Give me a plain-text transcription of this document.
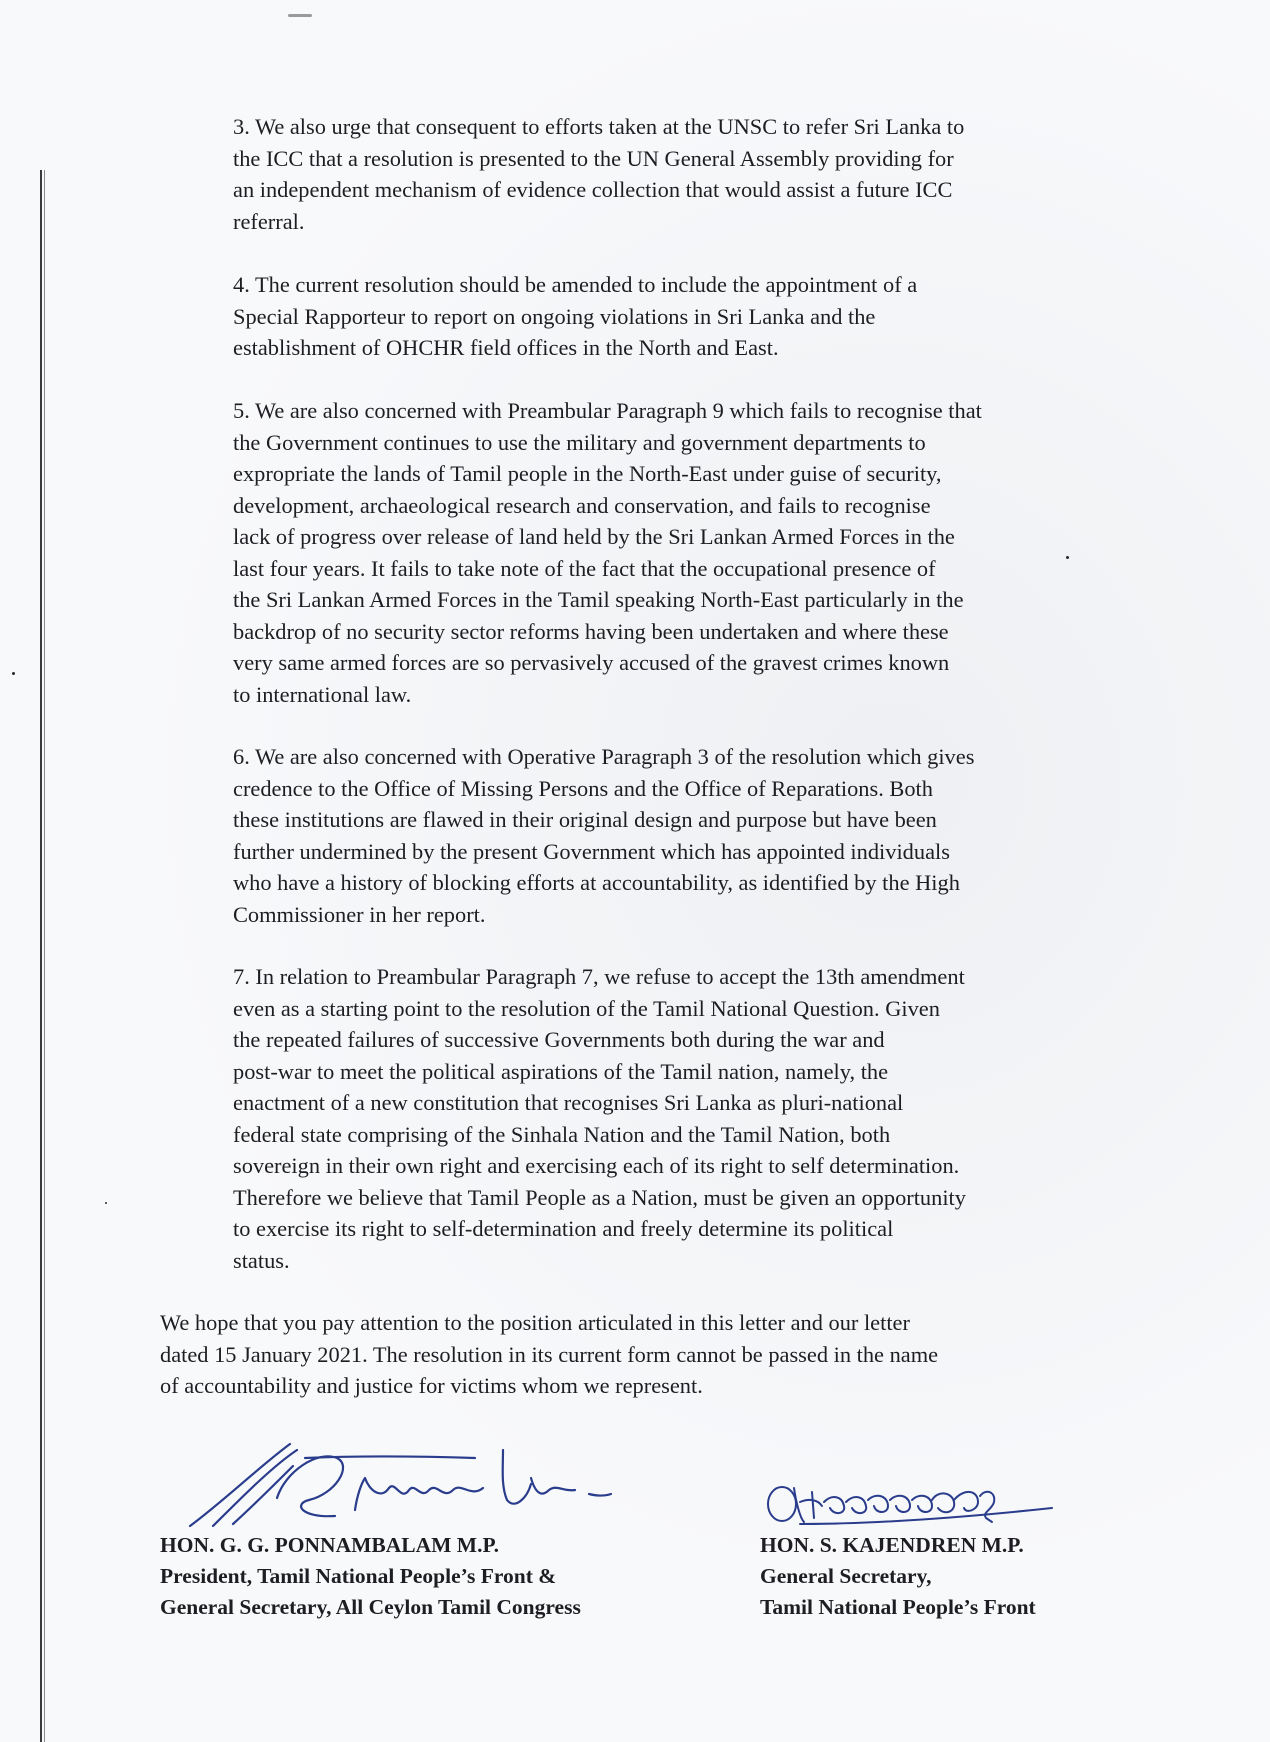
3. We also urge that consequent to efforts taken at the UNSC to refer Sri Lanka to
the ICC that a resolution is presented to the UN General Assembly providing for
an independent mechanism of evidence collection that would assist a future ICC
referral.

4. The current resolution should be amended to include the appointment of a
Special Rapporteur to report on ongoing violations in Sri Lanka and the
establishment of OHCHR field offices in the North and East.

5. We are also concerned with Preambular Paragraph 9 which fails to recognise that
the Government continues to use the military and government departments to
expropriate the lands of Tamil people in the North-East under guise of security,
development, archaeological research and conservation, and fails to recognise
lack of progress over release of land held by the Sri Lankan Armed Forces in the
last four years. It fails to take note of the fact that the occupational presence of
the Sri Lankan Armed Forces in the Tamil speaking North-East particularly in the
backdrop of no security sector reforms having been undertaken and where these
very same armed forces are so pervasively accused of the gravest crimes known
to international law.

6. We are also concerned with Operative Paragraph 3 of the resolution which gives
credence to the Office of Missing Persons and the Office of Reparations. Both
these institutions are flawed in their original design and purpose but have been
further undermined by the present Government which has appointed individuals
who have a history of blocking efforts at accountability, as identified by the High
Commissioner in her report.

7. In relation to Preambular Paragraph 7, we refuse to accept the 13th amendment
even as a starting point to the resolution of the Tamil National Question. Given
the repeated failures of successive Governments both during the war and
post-war to meet the political aspirations of the Tamil nation, namely, the
enactment of a new constitution that recognises Sri Lanka as pluri-national
federal state comprising of the Sinhala Nation and the Tamil Nation, both
sovereign in their own right and exercising each of its right to self determination.
Therefore we believe that Tamil People as a Nation, must be given an opportunity
to exercise its right to self-determination and freely determine its political
status.

We hope that you pay attention to the position articulated in this letter and our letter
dated 15 January 2021. The resolution in its current form cannot be passed in the name
of accountability and justice for victims whom we represent.

HON. G. G. PONNAMBALAM M.P.
President, Tamil National People’s Front &
General Secretary, All Ceylon Tamil Congress
HON. S. KAJENDREN M.P.
General Secretary,
Tamil National People’s Front
